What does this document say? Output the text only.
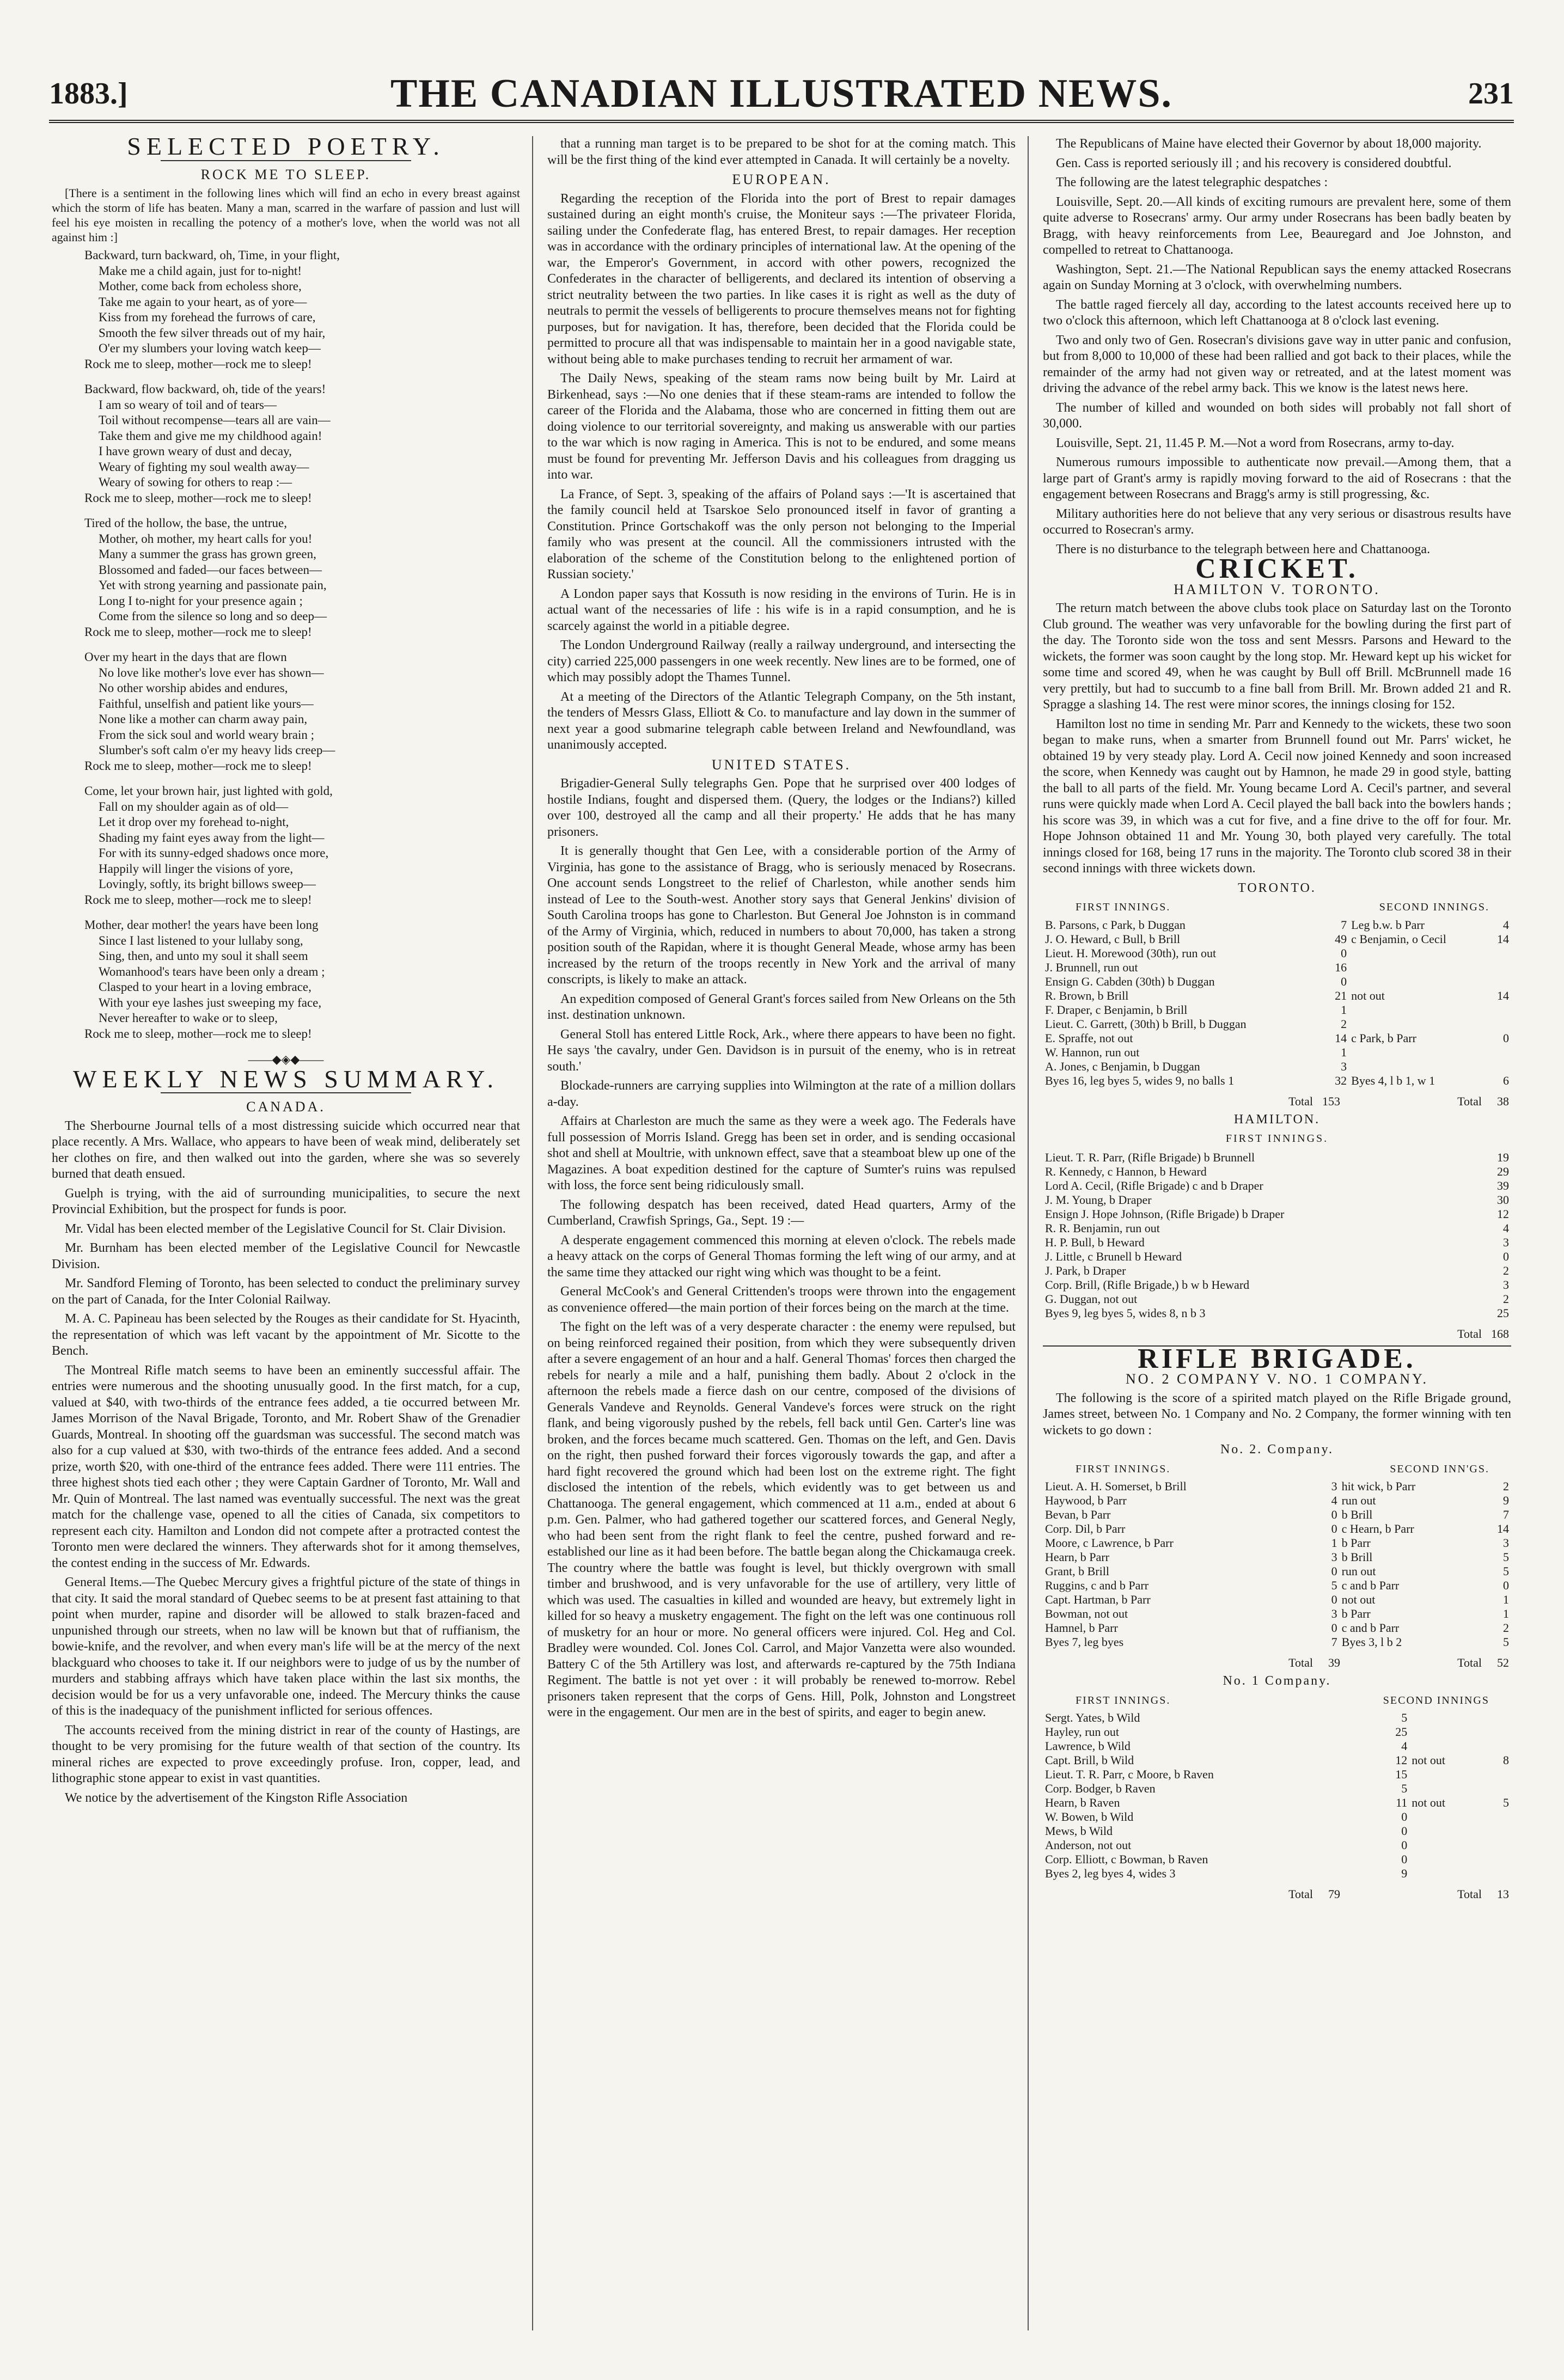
1883.]	THE CANADIAN ILLUSTRATED NEWS.	231
SELECTED POETRY.
ROCK ME TO SLEEP.

[There is a sentiment in the following lines which will find an echo in every breast against which the storm of life has beaten. Many a man, scarred in the warfare of passion and lust will feel his eye moisten in recalling the potency of a mother's love, when the world was not all against him :]

Backward, turn backward, oh, Time, in your flight,
Make me a child again, just for to-night!
Mother, come back from echoless shore,
Take me again to your heart, as of yore—
Kiss from my forehead the furrows of care,
Smooth the few silver threads out of my hair,
O'er my slumbers your loving watch keep—
Rock me to sleep, mother—rock me to sleep!
Backward, flow backward, oh, tide of the years!
I am so weary of toil and of tears—
Toil without recompense—tears all are vain—
Take them and give me my childhood again!
I have grown weary of dust and decay,
Weary of fighting my soul wealth away—
Weary of sowing for others to reap :—
Rock me to sleep, mother—rock me to sleep!
Tired of the hollow, the base, the untrue,
Mother, oh mother, my heart calls for you!
Many a summer the grass has grown green,
Blossomed and faded—our faces between—
Yet with strong yearning and passionate pain,
Long I to-night for your presence again ;
Come from the silence so long and so deep—
Rock me to sleep, mother—rock me to sleep!
Over my heart in the days that are flown
No love like mother's love ever has shown—
No other worship abides and endures,
Faithful, unselfish and patient like yours—
None like a mother can charm away pain,
From the sick soul and world weary brain ;
Slumber's soft calm o'er my heavy lids creep—
Rock me to sleep, mother—rock me to sleep!
Come, let your brown hair, just lighted with gold,
Fall on my shoulder again as of old—
Let it drop over my forehead to-night,
Shading my faint eyes away from the light—
For with its sunny-edged shadows once more,
Happily will linger the visions of yore,
Lovingly, softly, its bright billows sweep—
Rock me to sleep, mother—rock me to sleep!
Mother, dear mother! the years have been long
Since I last listened to your lullaby song,
Sing, then, and unto my soul it shall seem
Womanhood's tears have been only a dream ;
Clasped to your heart in a loving embrace,
With your eye lashes just sweeping my face,
Never hereafter to wake or to sleep,
Rock me to sleep, mother—rock me to sleep!
——◆◈◆——
WEEKLY NEWS SUMMARY.
CANADA.

The Sherbourne Journal tells of a most distressing suicide which occurred near that place recently. A Mrs. Wallace, who appears to have been of weak mind, deliberately set her clothes on fire, and then walked out into the garden, where she was so severely burned that death ensued.

Guelph is trying, with the aid of surrounding municipalities, to secure the next Provincial Exhibition, but the prospect for funds is poor.

Mr. Vidal has been elected member of the Legislative Council for St. Clair Division.

Mr. Burnham has been elected member of the Legislative Council for Newcastle Division.

Mr. Sandford Fleming of Toronto, has been selected to conduct the preliminary survey on the part of Canada, for the Inter Colonial Railway.

M. A. C. Papineau has been selected by the Rouges as their candidate for St. Hyacinth, the representation of which was left vacant by the appointment of Mr. Sicotte to the Bench.

The Montreal Rifle match seems to have been an eminently successful affair. The entries were numerous and the shooting unusually good. In the first match, for a cup, valued at $40, with two-thirds of the entrance fees added, a tie occurred between Mr. James Morrison of the Naval Brigade, Toronto, and Mr. Robert Shaw of the Grenadier Guards, Montreal. In shooting off the guardsman was successful. The second match was also for a cup valued at $30, with two-thirds of the entrance fees added. And a second prize, worth $20, with one-third of the entrance fees added. There were 111 entries. The three highest shots tied each other ; they were Captain Gardner of Toronto, Mr. Wall and Mr. Quin of Montreal. The last named was eventually successful. The next was the great match for the challenge vase, opened to all the cities of Canada, six competitors to represent each city. Hamilton and London did not compete after a protracted contest the Toronto men were declared the winners. They afterwards shot for it among themselves, the contest ending in the success of Mr. Edwards.

General Items.—The Quebec Mercury gives a frightful picture of the state of things in that city. It said the moral standard of Quebec seems to be at present fast attaining to that point when murder, rapine and disorder will be allowed to stalk brazen-faced and unpunished through our streets, when no law will be known but that of ruffianism, the bowie-knife, and the revolver, and when every man's life will be at the mercy of the next blackguard who chooses to take it. If our neighbors were to judge of us by the number of murders and stabbing affrays which have taken place within the last six months, the decision would be for us a very unfavorable one, indeed. The Mercury thinks the cause of this is the inadequacy of the punishment inflicted for serious offences.

The accounts received from the mining district in rear of the county of Hastings, are thought to be very promising for the future wealth of that section of the country. Its mineral riches are expected to prove exceedingly profuse. Iron, copper, lead, and lithographic stone appear to exist in vast quantities.

We notice by the advertisement of the Kingston Rifle Association

that a running man target is to be prepared to be shot for at the coming match. This will be the first thing of the kind ever attempted in Canada. It will certainly be a novelty.

EUROPEAN.

Regarding the reception of the Florida into the port of Brest to repair damages sustained during an eight month's cruise, the Moniteur says :—The privateer Florida, sailing under the Confederate flag, has entered Brest, to repair damages. Her reception was in accordance with the ordinary principles of international law. At the opening of the war, the Emperor's Government, in accord with other powers, recognized the Confederates in the character of belligerents, and declared its intention of observing a strict neutrality between the two parties. In like cases it is right as well as the duty of neutrals to permit the vessels of belligerents to procure themselves means not for fighting purposes, but for navigation. It has, therefore, been decided that the Florida could be permitted to procure all that was indispensable to maintain her in a good navigable state, without being able to make purchases tending to recruit her armament of war.

The Daily News, speaking of the steam rams now being built by Mr. Laird at Birkenhead, says :—No one denies that if these steam-rams are intended to follow the career of the Florida and the Alabama, those who are concerned in fitting them out are doing violence to our territorial sovereignty, and making us answerable with our parties to the war which is now raging in America. This is not to be endured, and some means must be found for preventing Mr. Jefferson Davis and his colleagues from dragging us into war.

La France, of Sept. 3, speaking of the affairs of Poland says :—'It is ascertained that the family council held at Tsarskoe Selo pronounced itself in favor of granting a Constitution. Prince Gortschakoff was the only person not belonging to the Imperial family who was present at the council. All the commissioners intrusted with the elaboration of the scheme of the Constitution belong to the enlightened portion of Russian society.'

A London paper says that Kossuth is now residing in the environs of Turin. He is in actual want of the necessaries of life : his wife is in a rapid consumption, and he is scarcely against the world in a pitiable degree.

The London Underground Railway (really a railway underground, and intersecting the city) carried 225,000 passengers in one week recently. New lines are to be formed, one of which may possibly adopt the Thames Tunnel.

At a meeting of the Directors of the Atlantic Telegraph Company, on the 5th instant, the tenders of Messrs Glass, Elliott & Co. to manufacture and lay down in the summer of next year a good submarine telegraph cable between Ireland and Newfoundland, was unanimously accepted.

UNITED STATES.

Brigadier-General Sully telegraphs Gen. Pope that he surprised over 400 lodges of hostile Indians, fought and dispersed them. (Query, the lodges or the Indians?) killed over 100, destroyed all the camp and all their property.' He adds that he has many prisoners.

It is generally thought that Gen Lee, with a considerable portion of the Army of Virginia, has gone to the assistance of Bragg, who is seriously menaced by Rosecrans. One account sends Longstreet to the relief of Charleston, while another sends him instead of Lee to the South-west. Another story says that General Jenkins' division of South Carolina troops has gone to Charleston. But General Joe Johnston is in command of the Army of Virginia, which, reduced in numbers to about 70,000, has taken a strong position south of the Rapidan, where it is thought General Meade, whose army has been increased by the return of the troops recently in New York and the arrival of many conscripts, is likely to make an attack.

An expedition composed of General Grant's forces sailed from New Orleans on the 5th inst. destination unknown.

General Stoll has entered Little Rock, Ark., where there appears to have been no fight. He says 'the cavalry, under Gen. Davidson is in pursuit of the enemy, who is in retreat south.'

Blockade-runners are carrying supplies into Wilmington at the rate of a million dollars a-day.

Affairs at Charleston are much the same as they were a week ago. The Federals have full possession of Morris Island. Gregg has been set in order, and is sending occasional shot and shell at Moultrie, with unknown effect, save that a steamboat blew up one of the Magazines. A boat expedition destined for the capture of Sumter's ruins was repulsed with loss, the force sent being ridiculously small.

The following despatch has been received, dated Head quarters, Army of the Cumberland, Crawfish Springs, Ga., Sept. 19 :—

A desperate engagement commenced this morning at eleven o'clock. The rebels made a heavy attack on the corps of General Thomas forming the left wing of our army, and at the same time they attacked our right wing which was thought to be a feint.

General McCook's and General Crittenden's troops were thrown into the engagement as convenience offered—the main portion of their forces being on the march at the time.

The fight on the left was of a very desperate character : the enemy were repulsed, but on being reinforced regained their position, from which they were subsequently driven after a severe engagement of an hour and a half. General Thomas' forces then charged the rebels for nearly a mile and a half, punishing them badly. About 2 o'clock in the afternoon the rebels made a fierce dash on our centre, composed of the divisions of Generals Vandeve and Reynolds. General Vandeve's forces were struck on the right flank, and being vigorously pushed by the rebels, fell back until Gen. Carter's line was broken, and the forces became much scattered. Gen. Thomas on the left, and Gen. Davis on the right, then pushed forward their forces vigorously towards the gap, and after a hard fight recovered the ground which had been lost on the extreme right. The fight disclosed the intention of the rebels, which evidently was to get between us and Chattanooga. The general engagement, which commenced at 11 a.m., ended at about 6 p.m. Gen. Palmer, who had gathered together our scattered forces, and General Negly, who had been sent from the right flank to feel the centre, pushed forward and re-established our line as it had been before. The battle began along the Chickamauga creek. The country where the battle was fought is level, but thickly overgrown with small timber and brushwood, and is very unfavorable for the use of artillery, very little of which was used. The casualties in killed and wounded are heavy, but extremely light in killed for so heavy a musketry engagement. The fight on the left was one continuous roll of musketry for an hour or more. No general officers were injured. Col. Heg and Col. Bradley were wounded. Col. Jones Col. Carrol, and Major Vanzetta were also wounded. Battery C of the 5th Artillery was lost, and afterwards re-captured by the 75th Indiana Regiment. The battle is not yet over : it will probably be renewed to-morrow. Rebel prisoners taken represent that the corps of Gens. Hill, Polk, Johnston and Longstreet were in the engagement. Our men are in the best of spirits, and eager to begin anew.

The Republicans of Maine have elected their Governor by about 18,000 majority.

Gen. Cass is reported seriously ill ; and his recovery is considered doubtful.

The following are the latest telegraphic despatches :

Louisville, Sept. 20.—All kinds of exciting rumours are prevalent here, some of them quite adverse to Rosecrans' army. Our army under Rosecrans has been badly beaten by Bragg, with heavy reinforcements from Lee, Beauregard and Joe Johnston, and compelled to retreat to Chattanooga.

Washington, Sept. 21.—The National Republican says the enemy attacked Rosecrans again on Sunday Morning at 3 o'clock, with overwhelming numbers.

The battle raged fiercely all day, according to the latest accounts received here up to two o'clock this afternoon, which left Chattanooga at 8 o'clock last evening.

Two and only two of Gen. Rosecran's divisions gave way in utter panic and confusion, but from 8,000 to 10,000 of these had been rallied and got back to their places, while the remainder of the army had not given way or retreated, and at the latest moment was driving the advance of the rebel army back. This we know is the latest news here.

The number of killed and wounded on both sides will probably not fall short of 30,000.

Louisville, Sept. 21, 11.45 P. M.—Not a word from Rosecrans, army to-day.

Numerous rumours impossible to authenticate now prevail.—Among them, that a large part of Grant's army is rapidly moving forward to the aid of Rosecrans : that the engagement between Rosecrans and Bragg's army is still progressing, &c.

Military authorities here do not believe that any very serious or disastrous results have occurred to Rosecran's army.

There is no disturbance to the telegraph between here and Chattanooga.

CRICKET.
HAMILTON V. TORONTO.

The return match between the above clubs took place on Saturday last on the Toronto Club ground. The weather was very unfavorable for the bowling during the first part of the day. The Toronto side won the toss and sent Messrs. Parsons and Heward to the wickets, the former was soon caught by the long stop. Mr. Heward kept up his wicket for some time and scored 49, when he was caught by Bull off Brill. McBrunnell made 16 very prettily, but had to succumb to a fine ball from Brill. Mr. Brown added 21 and R. Spragge a slashing 14. The rest were minor scores, the innings closing for 152.

Hamilton lost no time in sending Mr. Parr and Kennedy to the wickets, these two soon began to make runs, when a smarter from Brunnell found out Mr. Parrs' wicket, he obtained 19 by very steady play. Lord A. Cecil now joined Kennedy and soon increased the score, when Kennedy was caught out by Hamnon, he made 29 in good style, batting the ball to all parts of the field. Mr. Young became Lord A. Cecil's partner, and several runs were quickly made when Lord A. Cecil played the ball back into the bowlers hands ; his score was 39, in which was a cut for five, and a fine drive to the off for four. Mr. Hope Johnson obtained 11 and Mr. Young 30, both played very carefully. The total innings closed for 168, being 17 runs in the majority. The Toronto club scored 38 in their second innings with three wickets down.

TORONTO.
FIRST INNINGS.	SECOND INNINGS.
B. Parsons, c Park, b Duggan	7	Leg b.w. b Parr	4
J. O. Heward, c Bull, b Brill	49	c Benjamin, o Cecil	14
Lieut. H. Morewood (30th), run out	0		
J. Brunnell, run out	16		
Ensign G. Cabden (30th) b Duggan	0		
R. Brown, b Brill	21	not out	14
F. Draper, c Benjamin, b Brill	1		
Lieut. C. Garrett, (30th) b Brill, b Duggan	2		
E. Spraffe, not out	14	c Park, b Parr	0
W. Hannon, run out	1		
A. Jones, c Benjamin, b Duggan	3		
Byes 16, leg byes 5, wides 9, no balls 1	32	Byes 4, l b 1, w 1	6
Total	153	Total	38
HAMILTON.
FIRST INNINGS.
Lieut. T. R. Parr, (Rifle Brigade) b Brunnell	19
R. Kennedy, c Hannon, b Heward	29
Lord A. Cecil, (Rifle Brigade) c and b Draper	39
J. M. Young, b Draper	30
Ensign J. Hope Johnson, (Rifle Brigade) b Draper	12
R. R. Benjamin, run out	4
H. P. Bull, b Heward	3
J. Little, c Brunell b Heward	0
J. Park, b Draper	2
Corp. Brill, (Rifle Brigade,) b w b Heward	3
G. Duggan, not out	2
Byes 9, leg byes 5, wides 8, n b 3	25
Total	168
RIFLE BRIGADE.
NO. 2 COMPANY V. NO. 1 COMPANY.

The following is the score of a spirited match played on the Rifle Brigade ground, James street, between No. 1 Company and No. 2 Company, the former winning with ten wickets to go down :

No. 2. Company.
FIRST INNINGS.	SECOND INN'GS.
Lieut. A. H. Somerset, b Brill	3	hit wick, b Parr	2
Haywood, b Parr	4	run out	9
Bevan, b Parr	0	b Brill	7
Corp. Dil, b Parr	0	c Hearn, b Parr	14
Moore, c Lawrence, b Parr	1	b Parr	3
Hearn, b Parr	3	b Brill	5
Grant, b Brill	0	run out	5
Ruggins, c and b Parr	5	c and b Parr	0
Capt. Hartman, b Parr	0	not out	1
Bowman, not out	3	b Parr	1
Hamnel, b Parr	0	c and b Parr	2
Byes 7, leg byes	7	Byes 3, l b 2	5
Total	39	Total	52
No. 1 Company.
FIRST INNINGS.	SECOND INNINGS
Sergt. Yates, b Wild	5		
Hayley, run out	25		
Lawrence, b Wild	4		
Capt. Brill, b Wild	12	not out	8
Lieut. T. R. Parr, c Moore, b Raven	15		
Corp. Bodger, b Raven	5		
Hearn, b Raven	11	not out	5
W. Bowen, b Wild	0		
Mews, b Wild	0		
Anderson, not out	0		
Corp. Elliott, c Bowman, b Raven	0		
Byes 2, leg byes 4, wides 3	9		
Total	79	Total	13
